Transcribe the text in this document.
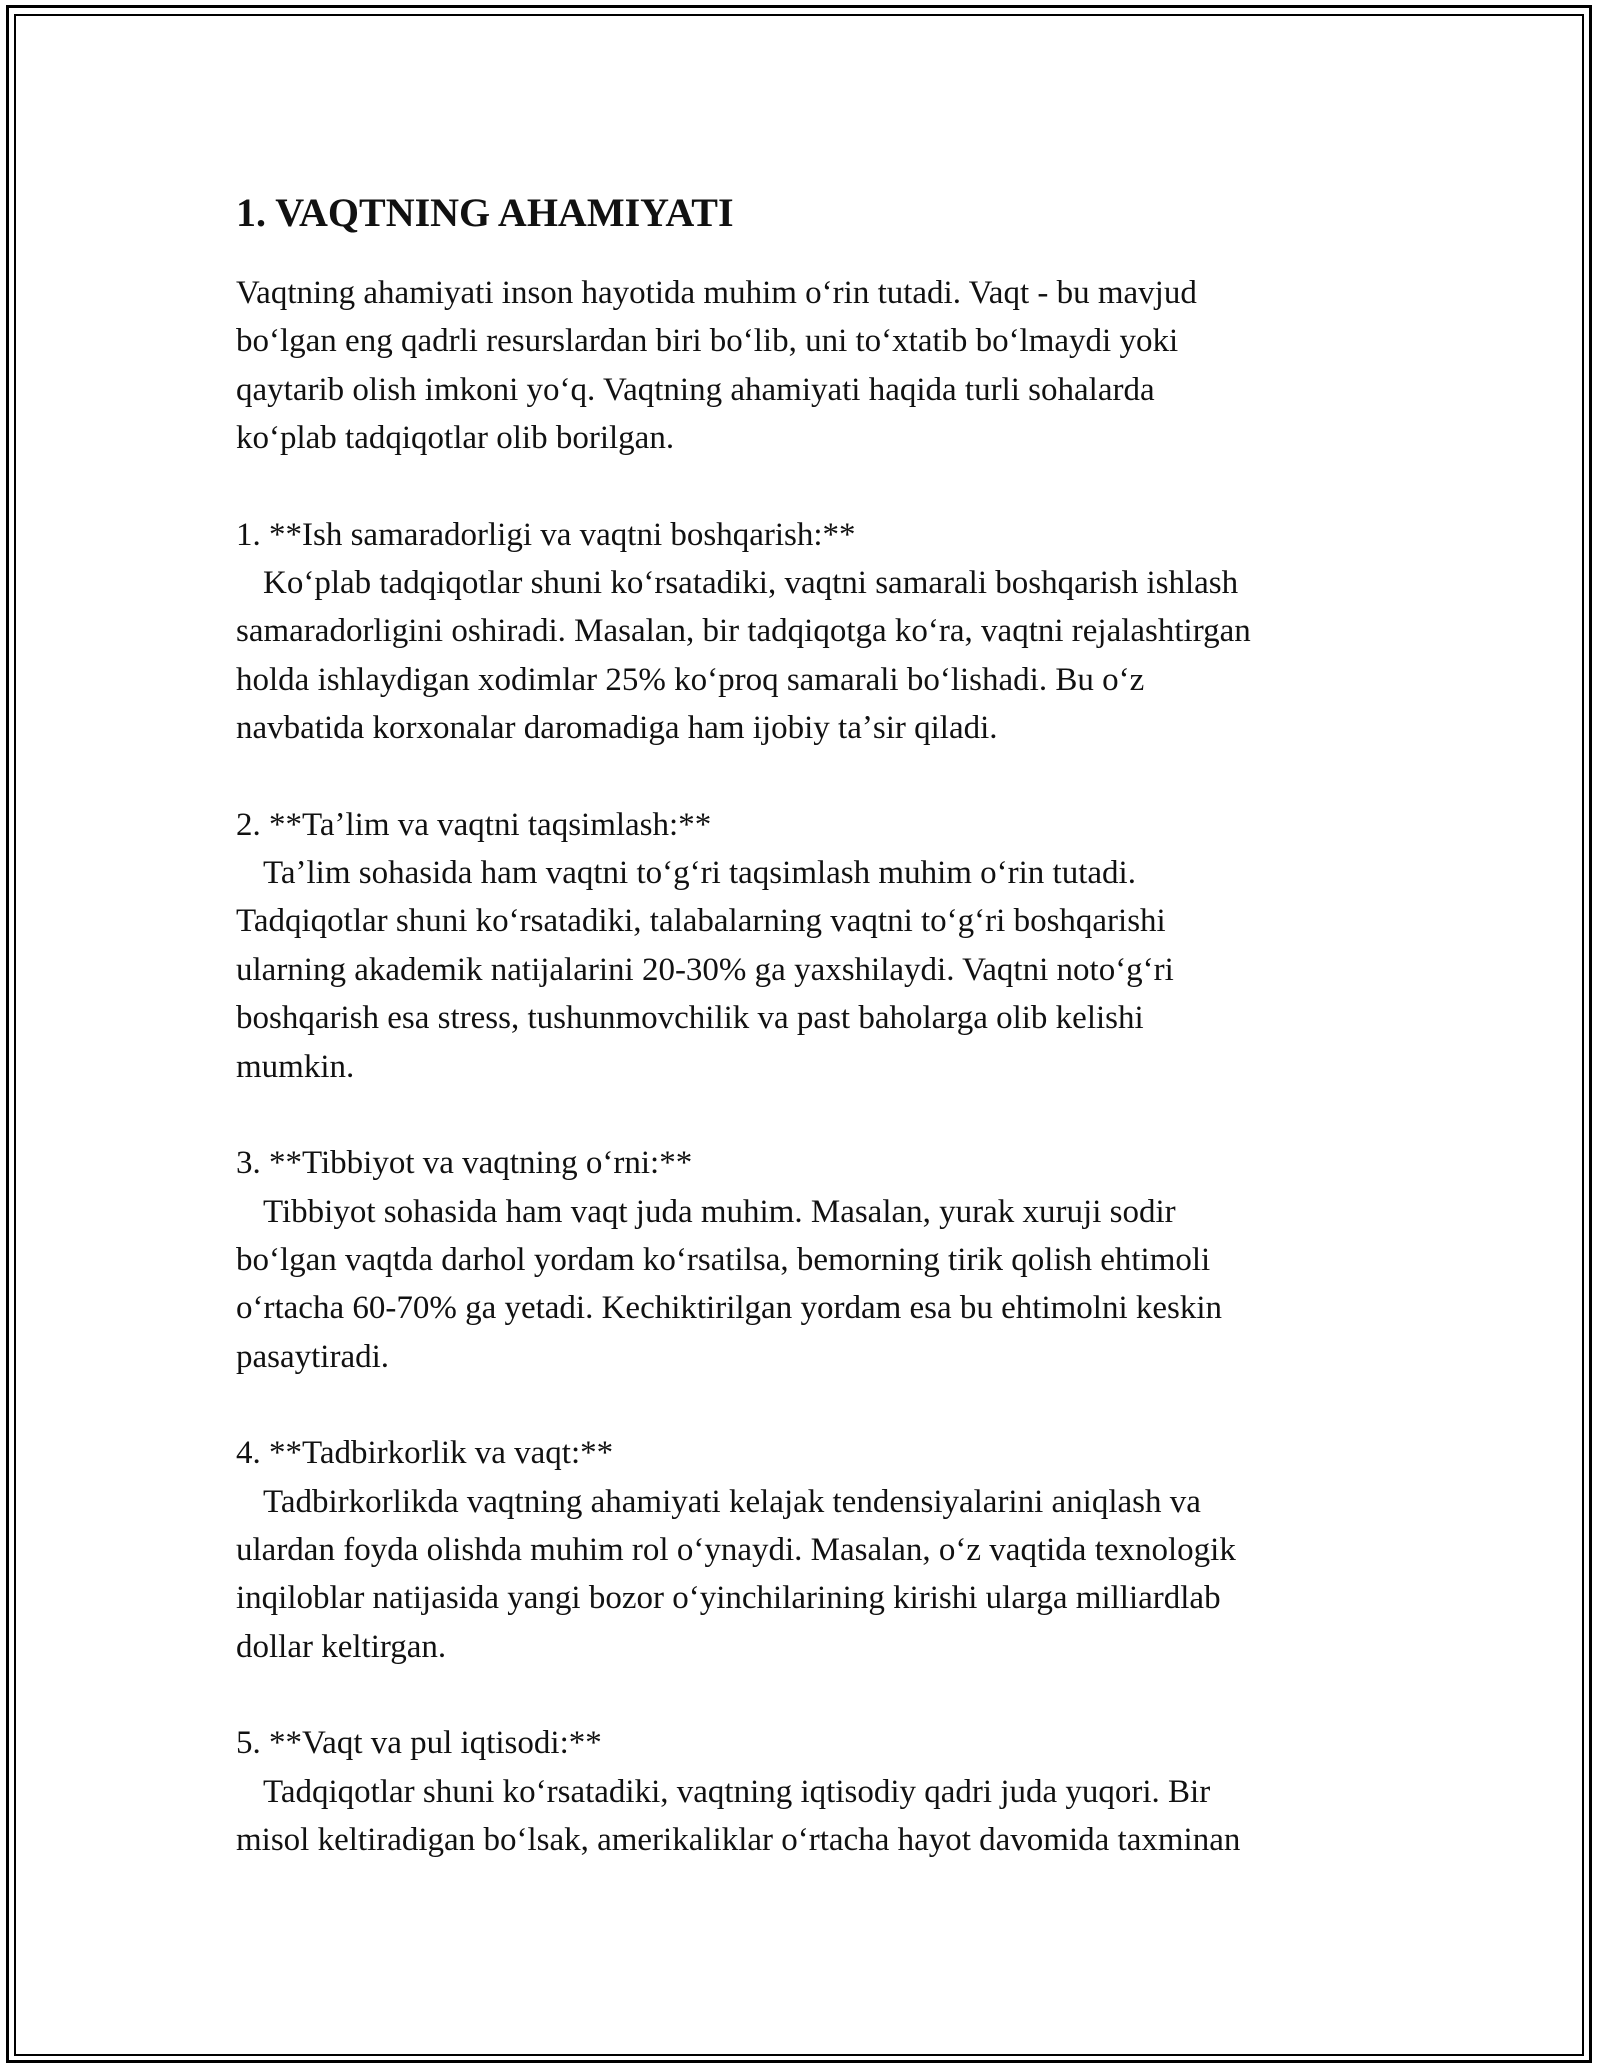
1. VAQTNING AHAMIYATI

Vaqtning ahamiyati inson hayotida muhim oʻrin tutadi. Vaqt - bu mavjud

boʻlgan eng qadrli resurslardan biri boʻlib, uni toʻxtatib boʻlmaydi yoki

qaytarib olish imkoni yoʻq. Vaqtning ahamiyati haqida turli sohalarda

koʻplab tadqiqotlar olib borilgan.

1. **Ish samaradorligi va vaqtni boshqarish:**

Koʻplab tadqiqotlar shuni koʻrsatadiki, vaqtni samarali boshqarish ishlash

samaradorligini oshiradi. Masalan, bir tadqiqotga koʻra, vaqtni rejalashtirgan

holda ishlaydigan xodimlar 25% koʻproq samarali boʻlishadi. Bu oʻz

navbatida korxonalar daromadiga ham ijobiy taʼsir qiladi.

2. **Taʼlim va vaqtni taqsimlash:**

Taʼlim sohasida ham vaqtni toʻgʻri taqsimlash muhim oʻrin tutadi.

Tadqiqotlar shuni koʻrsatadiki, talabalarning vaqtni toʻgʻri boshqarishi

ularning akademik natijalarini 20-30% ga yaxshilaydi. Vaqtni notoʻgʻri

boshqarish esa stress, tushunmovchilik va past baholarga olib kelishi

mumkin.

3. **Tibbiyot va vaqtning oʻrni:**

Tibbiyot sohasida ham vaqt juda muhim. Masalan, yurak xuruji sodir

boʻlgan vaqtda darhol yordam koʻrsatilsa, bemorning tirik qolish ehtimoli

oʻrtacha 60-70% ga yetadi. Kechiktirilgan yordam esa bu ehtimolni keskin

pasaytiradi.

4. **Tadbirkorlik va vaqt:**

Tadbirkorlikda vaqtning ahamiyati kelajak tendensiyalarini aniqlash va

ulardan foyda olishda muhim rol oʻynaydi. Masalan, oʻz vaqtida texnologik

inqiloblar natijasida yangi bozor oʻyinchilarining kirishi ularga milliardlab

dollar keltirgan.

5. **Vaqt va pul iqtisodi:**

Tadqiqotlar shuni koʻrsatadiki, vaqtning iqtisodiy qadri juda yuqori. Bir

misol keltiradigan boʻlsak, amerikaliklar oʻrtacha hayot davomida taxminan
